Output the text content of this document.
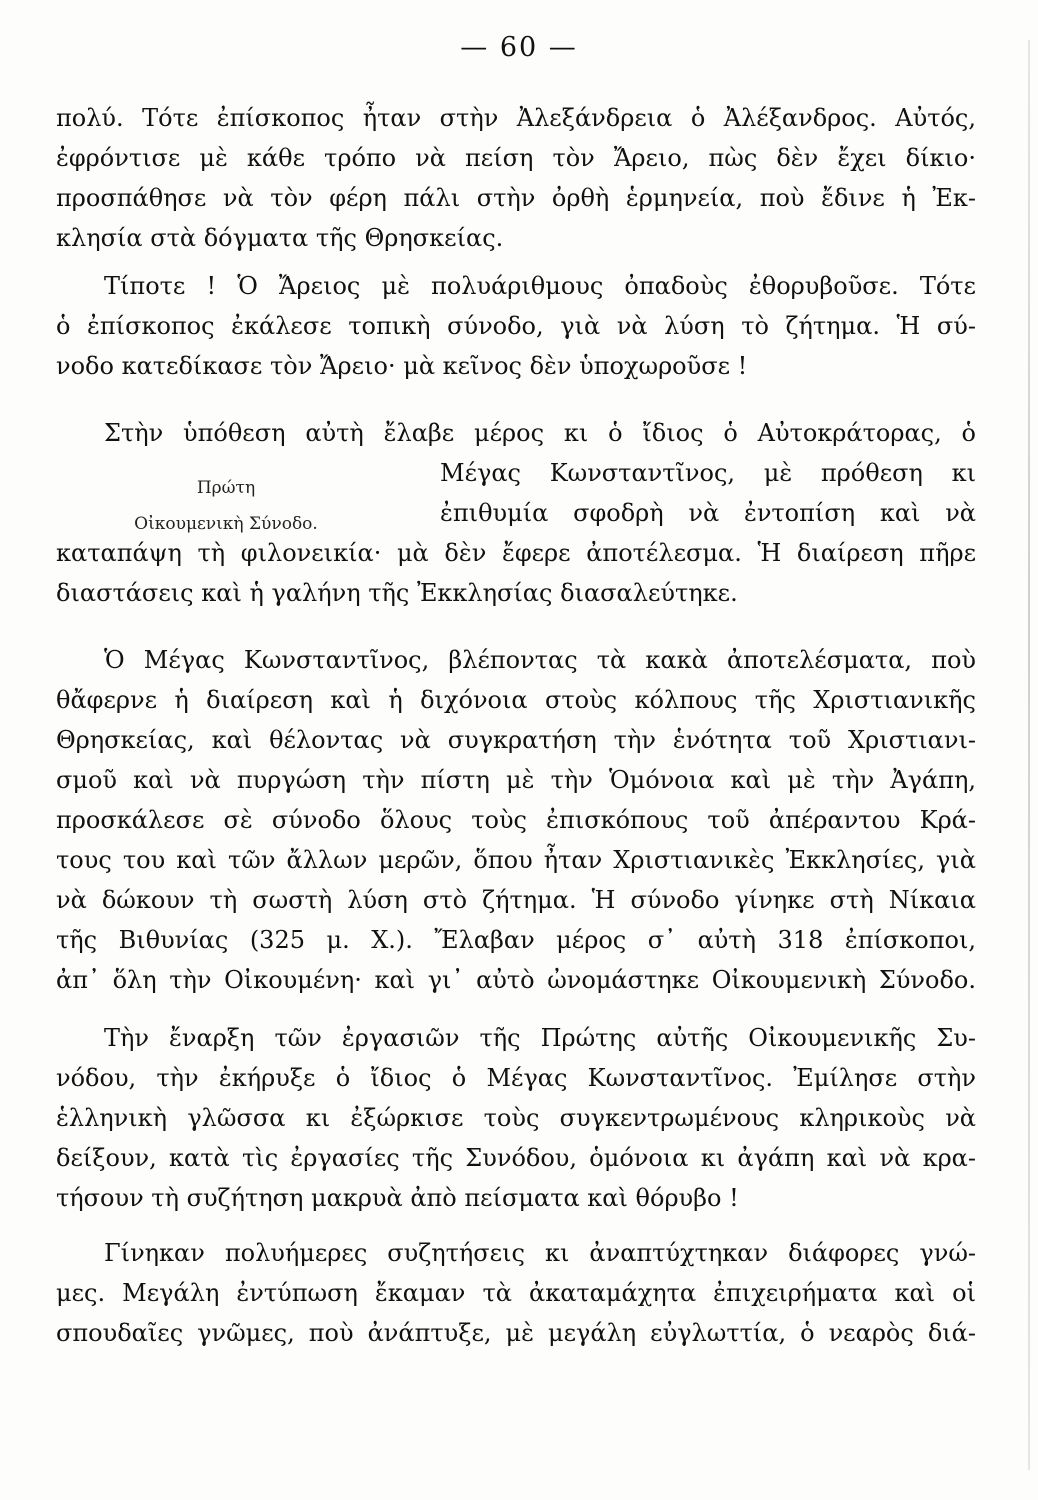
— 60 —
πολύ. Τότε ἐπίσκοπος ἦταν στὴν Ἀλεξάνδρεια ὁ Ἀλέξανδρος. Αὐτός,
ἐφρόντισε μὲ κάθε τρόπο νὰ πείση τὸν Ἄρειο, πὼς δὲν ἔχει δίκιο·
προσπάθησε νὰ τὸν φέρη πάλι στὴν ὀρθὴ ἑρμηνεία, ποὺ ἔδινε ἡ Ἐκ-
κλησία στὰ δόγματα τῆς Θρησκείας.
Τίποτε ! Ὁ Ἄρειος μὲ πολυάριθμους ὀπαδοὺς ἐθορυβοῦσε. Τότε
ὁ ἐπίσκοπος ἐκάλεσε τοπικὴ σύνοδο, γιὰ νὰ λύση τὸ ζήτημα. Ἡ σύ-
νοδο κατεδίκασε τὸν Ἄρειο· μὰ κεῖνος δὲν ὑποχωροῦσε !
Στὴν ὑπόθεση αὐτὴ ἔλαβε μέρος κι ὁ ἴδιος ὁ Αὐτοκράτορας, ὁ
Πρώτη
Οἰκουμενικὴ Σύνοδο.
Μέγας Κωνσταντῖνος, μὲ πρόθεση κι
ἐπιθυμία σφοδρὴ νὰ ἐντοπίση καὶ νὰ
καταπάψη τὴ φιλονεικία· μὰ δὲν ἔφερε ἀποτέλεσμα. Ἡ διαίρεση πῆρε
διαστάσεις καὶ ἡ γαλήνη τῆς Ἐκκλησίας διασαλεύτηκε.
Ὁ Μέγας Κωνσταντῖνος, βλέποντας τὰ κακὰ ἀποτελέσματα, ποὺ
θἄφερνε ἡ διαίρεση καὶ ἡ διχόνοια στοὺς κόλπους τῆς Χριστιανικῆς
Θρησκείας, καὶ θέλοντας νὰ συγκρατήση τὴν ἑνότητα τοῦ Χριστιανι-
σμοῦ καὶ νὰ πυργώση τὴν πίστη μὲ τὴν Ὁμόνοια καὶ μὲ τὴν Ἀγάπη,
προσκάλεσε σὲ σύνοδο ὅλους τοὺς ἐπισκόπους τοῦ ἀπέραντου Κρά-
τους του καὶ τῶν ἄλλων μερῶν, ὅπου ἦταν Χριστιανικὲς Ἐκκλησίες, γιὰ
νὰ δώκουν τὴ σωστὴ λύση στὸ ζήτημα. Ἡ σύνοδο γίνηκε στὴ Νίκαια
τῆς Βιθυνίας (325 μ. Χ.). Ἔλαβαν μέρος σ᾽ αὐτὴ 318 ἐπίσκοποι,
ἀπ᾽ ὅλη τὴν Οἰκουμένη· καὶ γι᾽ αὐτὸ ὠνομάστηκε Οἰκουμενικὴ Σύνοδο.
Τὴν ἔναρξη τῶν ἐργασιῶν τῆς Πρώτης αὐτῆς Οἰκουμενικῆς Συ-
νόδου, τὴν ἐκήρυξε ὁ ἴδιος ὁ Μέγας Κωνσταντῖνος. Ἐμίλησε στὴν
ἑλληνικὴ γλῶσσα κι ἐξώρκισε τοὺς συγκεντρωμένους κληρικοὺς νὰ
δείξουν, κατὰ τὶς ἐργασίες τῆς Συνόδου, ὁμόνοια κι ἀγάπη καὶ νὰ κρα-
τήσουν τὴ συζήτηση μακρυὰ ἀπὸ πείσματα καὶ θόρυβο !
Γίνηκαν πολυήμερες συζητήσεις κι ἀναπτύχτηκαν διάφορες γνώ-
μες. Μεγάλη ἐντύπωση ἔκαμαν τὰ ἀκαταμάχητα ἐπιχειρήματα καὶ οἱ
σπουδαῖες γνῶμες, ποὺ ἀνάπτυξε, μὲ μεγάλη εὐγλωττία, ὁ νεαρὸς διά-
